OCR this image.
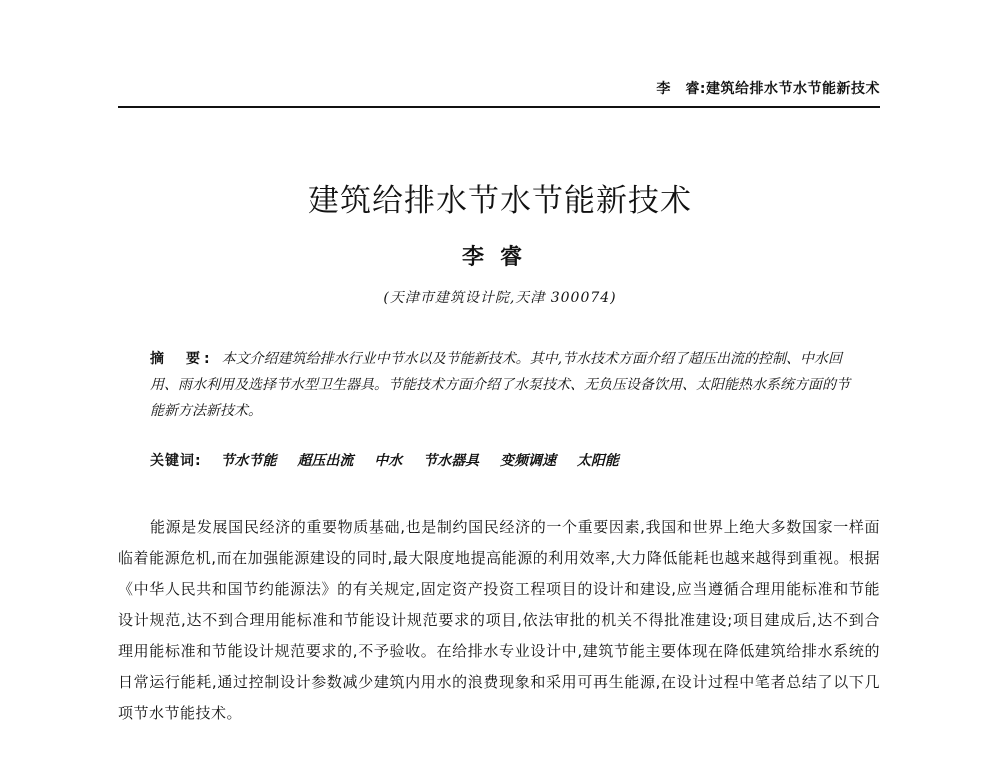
李　睿:建筑给排水节水节能新技术
建筑给排水节水节能新技术
李睿
(天津市建筑设计院,天津 300074)
摘　要: 本文介绍建筑给排水行业中节水以及节能新技术。其中,节水技术方面介绍了超压出流的控制、中水回用、雨水利用及选择节水型卫生器具。节能技术方面介绍了水泵技术、无负压设备饮用、太阳能热水系统方面的节能新方法新技术。
关键词: 节水节能 超压出流 中水 节水器具 变频调速 太阳能

能源是发展国民经济的重要物质基础,也是制约国民经济的一个重要因素,我国和世界上绝大多数国家一样面临着能源危机,而在加强能源建设的同时,最大限度地提高能源的利用效率,大力降低能耗也越来越得到重视。根据《中华人民共和国节约能源法》的有关规定,固定资产投资工程项目的设计和建设,应当遵循合理用能标准和节能设计规范,达不到合理用能标准和节能设计规范要求的项目,依法审批的机关不得批准建设;项目建成后,达不到合理用能标准和节能设计规范要求的,不予验收。在给排水专业设计中,建筑节能主要体现在降低建筑给排水系统的日常运行能耗,通过控制设计参数减少建筑内用水的浪费现象和采用可再生能源,在设计过程中笔者总结了以下几项节水节能技术。
